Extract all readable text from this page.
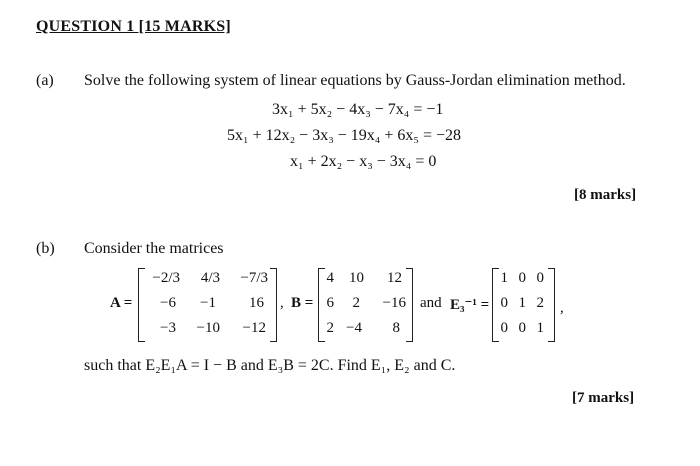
QUESTION 1 [15 MARKS]
(a) Solve the following system of linear equations by Gauss-Jordan elimination method.
3x₁ + 5x₂ − 4x₃ − 7x₄ = −1
5x₁ + 12x₂ − 3x₃ − 19x₄ + 6x₅ = −28
x₁ + 2x₂ − x₃ − 3x₄ = 0
[8 marks]
(b) Consider the matrices
A =
−2/3	4/3	−7/3
−6	−1	16
−3	−10	−12
, B =
4	10	12
6	2	−16
2 −4	8
and E₃⁻¹ =
1 0 0
0 1 2
0 0 1
,
such that E₂E₁A = I − B and E₃B = 2C. Find E₁, E₂ and C.
[7 marks]
